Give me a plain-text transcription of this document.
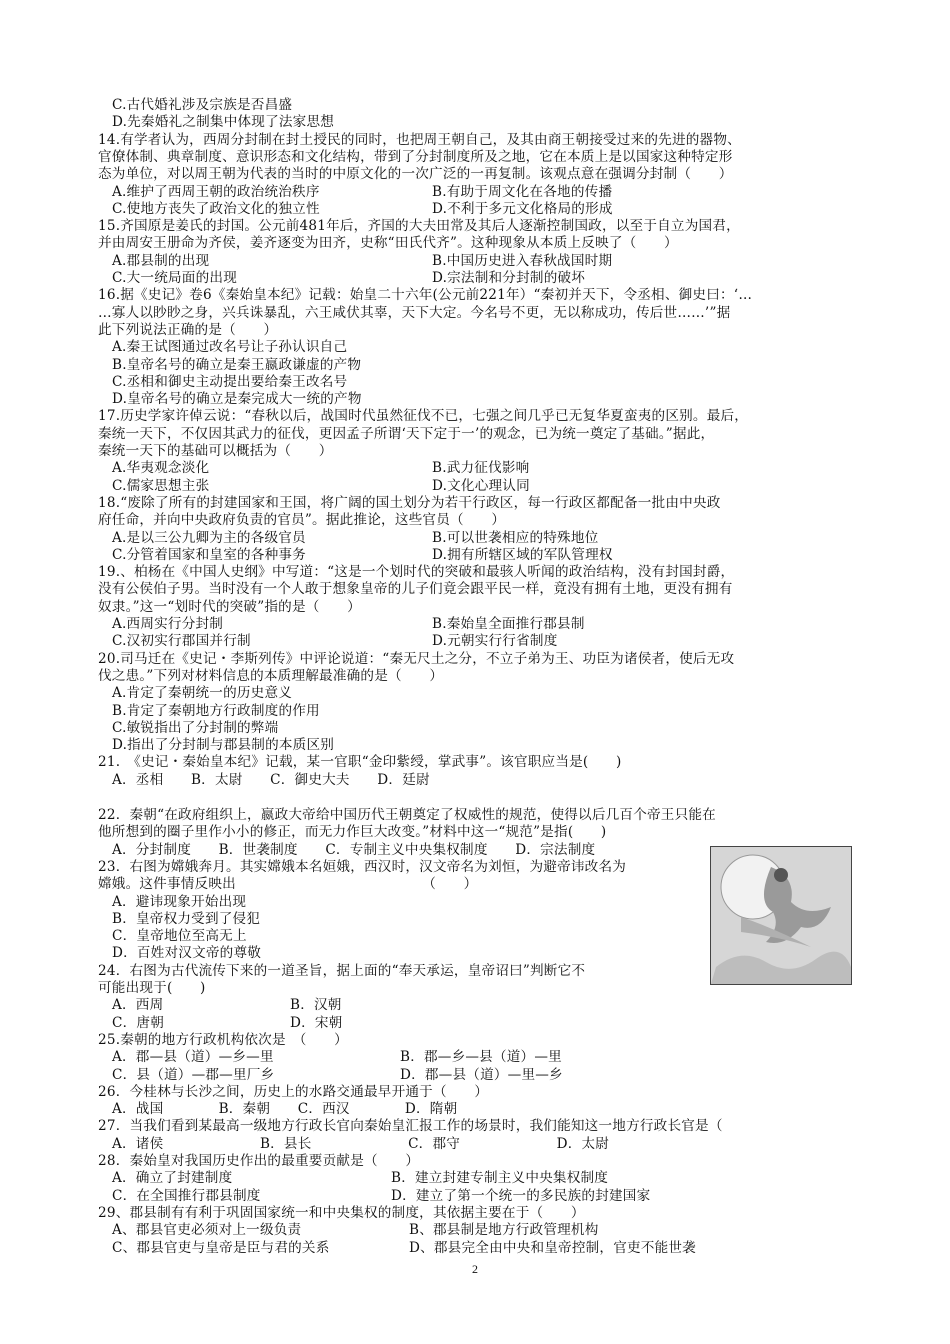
C.古代婚礼涉及宗族是否昌盛
D.先秦婚礼之制集中体现了法家思想
14.有学者认为，西周分封制在封土授民的同时，也把周王朝自己，及其由商王朝接受过来的先进的器物、
官僚体制、典章制度、意识形态和文化结构，带到了分封制度所及之地，它在本质上是以国家这种特定形
态为单位，对以周王朝为代表的当时的中原文化的一次广泛的一再复制。该观点意在强调分封制（　　）
A.维护了西周王朝的政治统治秩序	B.有助于周文化在各地的传播
C.使地方丧失了政治文化的独立性	D.不利于多元文化格局的形成
15.齐国原是姜氏的封国。公元前481年后，齐国的大夫田常及其后人逐渐控制国政，以至于自立为国君，
并由周安王册命为齐侯，姜齐逐变为田齐，史称“田氏代齐”。这种现象从本质上反映了（　　）
A.郡县制的出现	B.中国历史进入春秋战国时期
C.大一统局面的出现	D.宗法制和分封制的破坏
16.据《史记》卷6《秦始皇本纪》记载：始皇二十六年(公元前221年）“秦初并天下，令丞相、御史曰：‘…
…寡人以眇眇之身，兴兵诛暴乱，六王咸伏其辜，天下大定。今名号不更，无以称成功，传后世……’”据
此下列说法正确的是（　　）
A.秦王试图通过改名号让子孙认识自己
B.皇帝名号的确立是秦王嬴政谦虚的产物
C.丞相和御史主动提出要给秦王改名号
D.皇帝名号的确立是秦完成大一统的产物
17.历史学家许倬云说：“春秋以后，战国时代虽然征伐不已，七强之间几乎已无复华夏蛮夷的区别。最后，
秦统一天下，不仅因其武力的征伐，更因孟子所谓‘天下定于一’的观念，已为统一奠定了基础。”据此，
秦统一天下的基础可以概括为（　　）
A.华夷观念淡化	B.武力征伐影响
C.儒家思想主张	D.文化心理认同
18.“废除了所有的封建国家和王国，将广阔的国土划分为若干行政区，每一行政区都配备一批由中央政
府任命，并向中央政府负责的官员”。据此推论，这些官员（　　）
A.是以三公九卿为主的各级官员	B.可以世袭相应的特殊地位
C.分管着国家和皇室的各种事务	D.拥有所辖区域的军队管理权
19.、柏杨在《中国人史纲》中写道：“这是一个划时代的突破和最骇人听闻的政治结构，没有封国封爵，
没有公侯伯子男。当时没有一个人敢于想象皇帝的儿子们竟会跟平民一样，竟没有拥有土地，更没有拥有
奴隶。”这一“划时代的突破”指的是（　　）
A.西周实行分封制	B.秦始皇全面推行郡县制
C.汉初实行郡国并行制	D.元朝实行行省制度
20.司马迁在《史记・李斯列传》中评论说道：“秦无尺土之分，不立子弟为王、功臣为诸侯者，使后无攻
伐之患。”下列对材料信息的本质理解最准确的是（　　）
A.肯定了秦朝统一的历史意义
B.肯定了秦朝地方行政制度的作用
C.敏锐指出了分封制的弊端
D.指出了分封制与郡县制的本质区别
21.　《史记・秦始皇本纪》记载，某一官职“金印紫绶，掌武事”。该官职应当是(　　)
A．丞相　　B．太尉　　C．御史大夫　　D．廷尉
22．秦朝“在政府组织上，嬴政大帝给中国历代王朝奠定了权威性的规范，使得以后几百个帝王只能在
他所想到的圈子里作小小的修正，而无力作巨大改变。”材料中这一“规范”是指(　　)
A．分封制度　　B．世袭制度　　C．专制主义中央集权制度　　D．宗法制度
23．右图为嫦娥奔月。其实嫦娥本名姮娥，西汉时，汉文帝名为刘恒，为避帝讳改名为
嫦娥。这件事情反映出　　　　　　　　　　　　　　（　　）
A．避讳现象开始出现
B．皇帝权力受到了侵犯
C．皇帝地位至高无上
D．百姓对汉文帝的尊敬
24．右图为古代流传下来的一道圣旨，据上面的“奉天承运，皇帝诏曰”判断它不
可能出现于(　　)
A．西周	B．汉朝
C．唐朝	D．宋朝
25.秦朝的地方行政机构依次是　（　　）
A．郡—县（道）—乡—里	B．郡—乡—县（道）—里
C．县（道）—郡—里厂乡	D．郡—县（道）—里—乡
26．今桂林与长沙之间，历史上的水路交通最早开通于（　　）
A．战国　　　　B．秦朝　　C．西汉　　　　D．隋朝
27．当我们看到某最高一级地方行政长官向秦始皇汇报工作的场景时，我们能知这一地方行政长官是（
A．诸侯　　　　　　　B．县长　　　　　　　C．郡守　　　　　　　D．太尉
28．秦始皇对我国历史作出的最重要贡献是（　　）
A．确立了封建制度	B．建立封建专制主义中央集权制度
C．在全国推行郡县制度	D．建立了第一个统一的多民族的封建国家
29、郡县制有有利于巩固国家统一和中央集权的制度，其依据主要在于（　　）
A、郡县官吏必须对上一级负责	B、郡县制是地方行政管理机构
C、郡县官吏与皇帝是臣与君的关系	D、郡县完全由中央和皇帝控制，官吏不能世袭
2
